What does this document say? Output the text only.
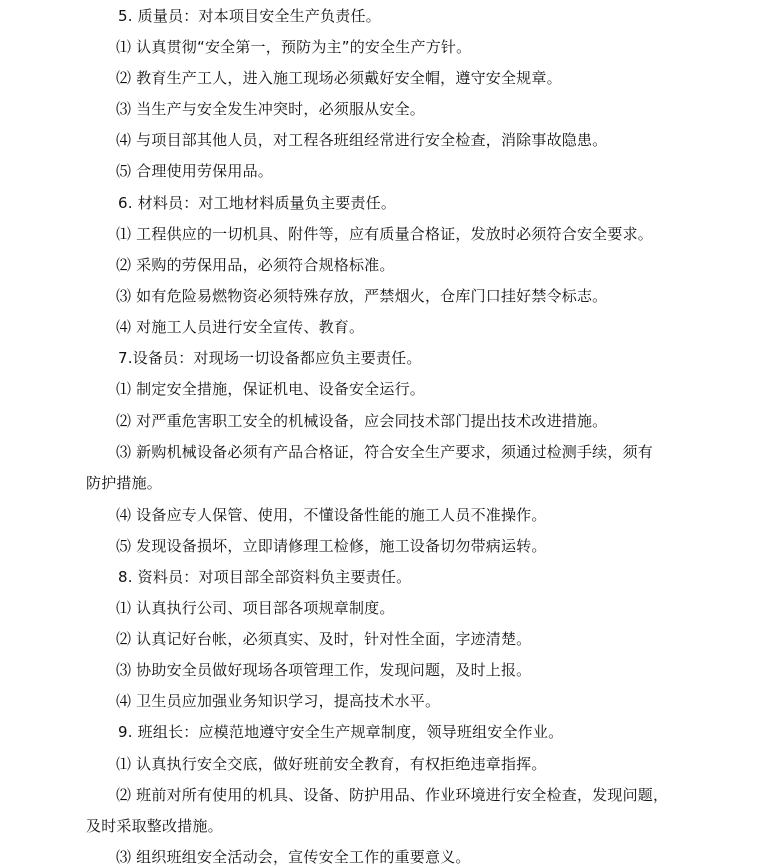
5. 质量员：对本项目安全生产负责任。
⑴ 认真贯彻“安全第一，预防为主”的安全生产方针。
⑵ 教育生产工人，进入施工现场必须戴好安全帽，遵守安全规章。
⑶ 当生产与安全发生冲突时，必须服从安全。
⑷ 与项目部其他人员，对工程各班组经常进行安全检查，消除事故隐患。
⑸ 合理使用劳保用品。
6. 材料员：对工地材料质量负主要责任。
⑴ 工程供应的一切机具、附件等，应有质量合格证，发放时必须符合安全要求。
⑵ 采购的劳保用品，必须符合规格标准。
⑶ 如有危险易燃物资必须特殊存放，严禁烟火，仓库门口挂好禁令标志。
⑷ 对施工人员进行安全宣传、教育。
7.设备员：对现场一切设备都应负主要责任。
⑴ 制定安全措施，保证机电、设备安全运行。
⑵ 对严重危害职工安全的机械设备，应会同技术部门提出技术改进措施。
⑶ 新购机械设备必须有产品合格证，符合安全生产要求，须通过检测手续，须有
防护措施。
⑷ 设备应专人保管、使用，不懂设备性能的施工人员不准操作。
⑸ 发现设备损坏，立即请修理工检修，施工设备切勿带病运转。
8. 资料员：对项目部全部资料负主要责任。
⑴ 认真执行公司、项目部各项规章制度。
⑵ 认真记好台帐，必须真实、及时，针对性全面，字迹清楚。
⑶ 协助安全员做好现场各项管理工作，发现问题，及时上报。
⑷ 卫生员应加强业务知识学习，提高技术水平。
9. 班组长：应模范地遵守安全生产规章制度，领导班组安全作业。
⑴ 认真执行安全交底，做好班前安全教育，有权拒绝违章指挥。
⑵ 班前对所有使用的机具、设备、防护用品、作业环境进行安全检查，发现问题，
及时采取整改措施。
⑶ 组织班组安全活动会，宣传安全工作的重要意义。
